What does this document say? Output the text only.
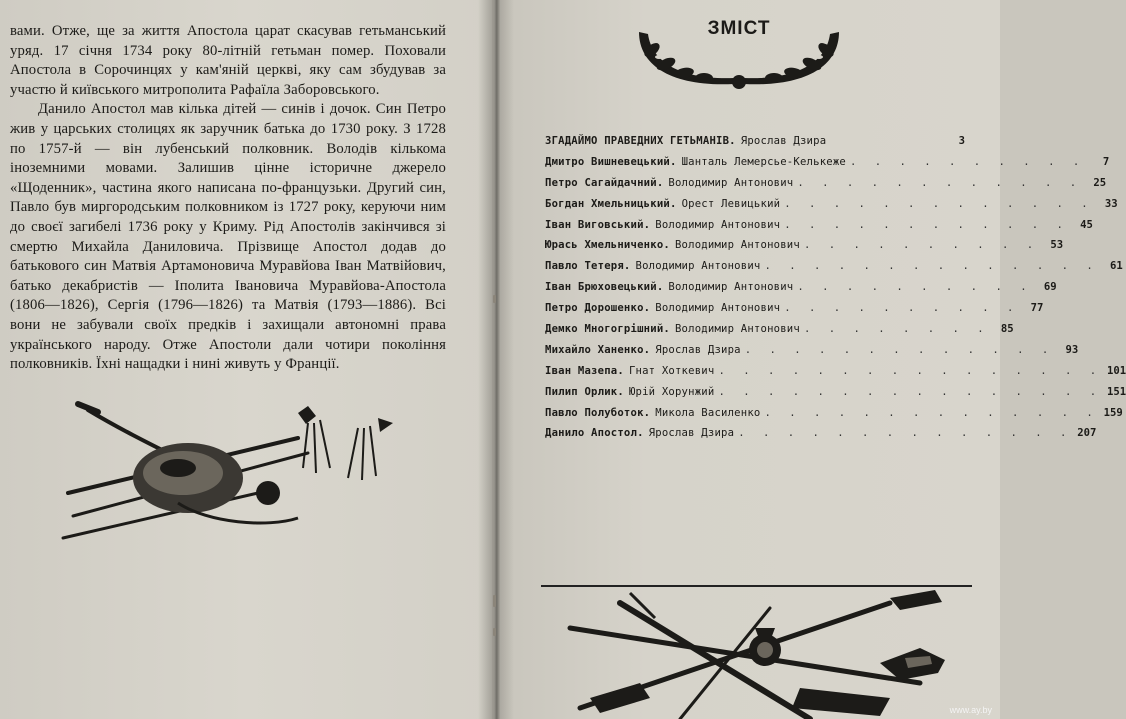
вами. Отже, ще за життя Апостола царат скасував гетьманський уряд. 17 січня 1734 року 80-літній гетьман помер. Поховали Апостола в Сорочинцях у кам'яній церкві, яку сам збудував за участю й київського митрополита Рафаїла Заборовського.

Данило Апостол мав кілька дітей — синів і дочок. Син Петро жив у царських столицях як заручник батька до 1730 року. З 1728 по 1757-й — він лубенський полковник. Володів кількома іноземними мовами. Залишив цінне історичне джерело «Щоденник», частина якого написана по-французьки. Другий син, Павло був миргородським полковником із 1727 року, керуючи ним до своєї загибелі 1736 року у Криму. Рід Апостолів закінчився зі смертю Михайла Даниловича. Прізвище Апостол додав до батькового син Матвія Артамоновича Муравйова Іван Матвійович, батько декабристів — Іполита Івановича Муравйова-Апостола (1806—1826), Сергія (1796—1826) та Матвія (1793—1886). Всі вони не забували своїх предків і захищали автономні права українського народу. Отже Апостоли дали чотири покоління полковників. Їхні нащадки і нині живуть у Франції.

ЗМІСТ
ЗГАДАЙМО ПРАВЕДНИХ ГЕТЬМАНІВ. Ярослав Дзира	3
Дмитро Вишневецький. Шанталь Лемерсье-Келькеже . . . . . . . . . .	7
Петро Сагайдачний. Володимир Антонович . . . . . . . . . . . .	25
Богдан Хмельницький. Орест Левицький . . . . . . . . . . . . .	33
Іван Виговський. Володимир Антонович . . . . . . . . . . . .	45
Юрась Хмельниченко. Володимир Антонович . . . . . . . . . .	53
Павло Тетеря. Володимир Антонович . . . . . . . . . . . . . .	61
Іван Брюховецький. Володимир Антонович . . . . . . . . . .	69
Петро Дорошенко. Володимир Антонович . . . . . . . . . .	77
Демко Многогрішний. Володимир Антонович . . . . . . . .	85
Михайло Ханенко. Ярослав Дзира . . . . . . . . . . . . .	93
Іван Мазепа. Гнат Хоткевич . . . . . . . . . . . . . . . . 101
Пилип Орлик. Юрій Хорунжий . . . . . . . . . . . . . . . . 151
Павло Полуботок. Микола Василенко . . . . . . . . . . . . . . 159
Данило Апостол. Ярослав Дзира . . . . . . . . . . . . . . 207
www.ay.by
